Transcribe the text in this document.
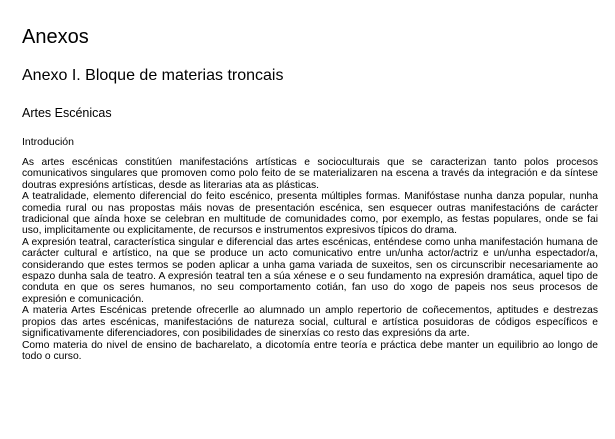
Anexos
Anexo I. Bloque de materias troncais
Artes Escénicas
Introdución

As artes escénicas constitúen manifestacións artísticas e socioculturais que se caracterizan tanto polos procesos comunicativos singulares que promoven como polo feito de se materializaren na escena a través da integración e da síntese doutras expresións artísticas, desde as literarias ata as plásticas.

A teatralidade, elemento diferencial do feito escénico, presenta múltiples formas. Manifóstase nunha danza popular, nunha comedia rural ou nas propostas máis novas de presentación escénica, sen esquecer outras manifestacións de carácter tradicional que aínda hoxe se celebran en multitude de comunidades como, por exemplo, as festas populares, onde se fai uso, implicitamente ou explicitamente, de recursos e instrumentos expresivos típicos do drama.

A expresión teatral, característica singular e diferencial das artes escénicas, enténdese como unha manifestación humana de carácter cultural e artístico, na que se produce un acto comunicativo entre un/unha actor/actriz e un/unha espectador/a, considerando que estes termos se poden aplicar a unha gama variada de suxeitos, sen os circunscribir necesariamente ao espazo dunha sala de teatro. A expresión teatral ten a súa xénese e o seu fundamento na expresión dramática, aquel tipo de conduta en que os seres humanos, no seu comportamento cotián, fan uso do xogo de papeis nos seus procesos de expresión e comunicación.

A materia Artes Escénicas pretende ofrecerlle ao alumnado un amplo repertorio de coñecementos, aptitudes e destrezas propios das artes escénicas, manifestacións de natureza social, cultural e artística posuidoras de códigos específicos e significativamente diferenciadores, con posibilidades de sinerxías co resto das expresións da arte.

Como materia do nivel de ensino de bacharelato, a dicotomía entre teoría e práctica debe manter un equilibrio ao longo de todo o curso.
